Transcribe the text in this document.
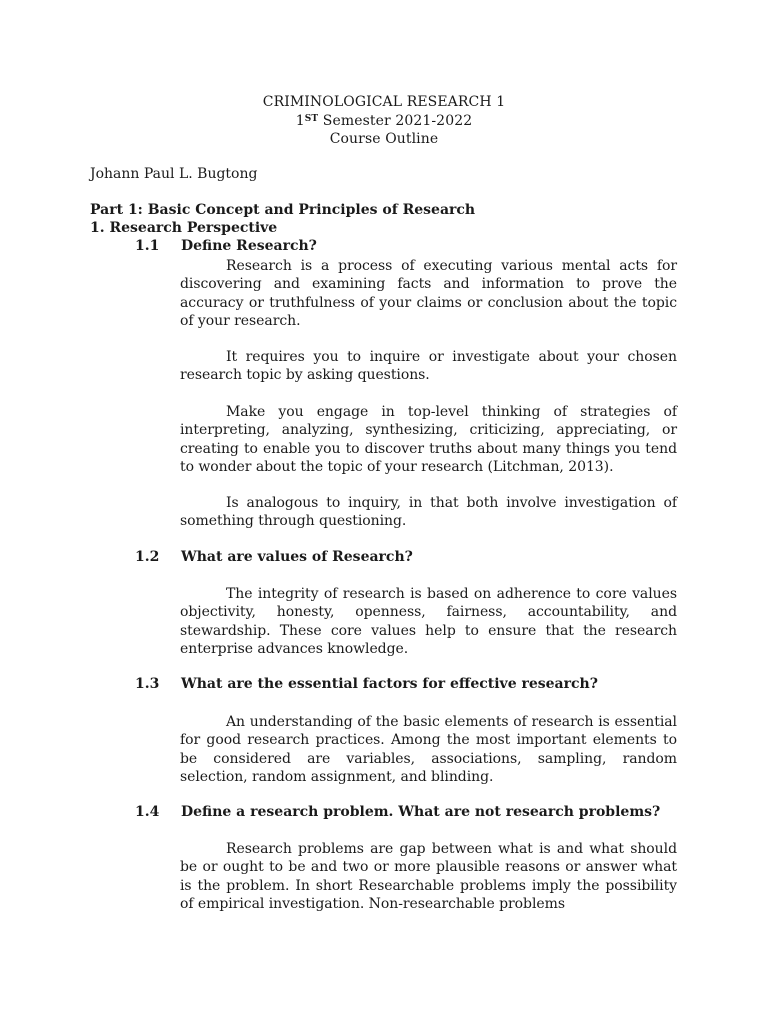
CRIMINOLOGICAL RESEARCH 1
1ST Semester 2021-2022
Course Outline
Johann Paul L. Bugtong
Part 1: Basic Concept and Principles of Research
1. Research Perspective
1.1 Define Research?

Research is a process of executing various mental acts for discovering and examining facts and information to prove the accuracy or truthfulness of your claims or conclusion about the topic of your research.

It requires you to inquire or investigate about your chosen research topic by asking questions.

Make you engage in top-level thinking of strategies of interpreting, analyzing, synthesizing, criticizing, appreciating, or creating to enable you to discover truths about many things you tend to wonder about the topic of your research (Litchman, 2013).

Is analogous to inquiry, in that both involve investigation of something through questioning.

1.2 What are values of Research?

The integrity of research is based on adherence to core values objectivity, honesty, openness, fairness, accountability, and stewardship. These core values help to ensure that the research enterprise advances knowledge.

1.3 What are the essential factors for effective research?

An understanding of the basic elements of research is essential for good research practices. Among the most important elements to be considered are variables, associations, sampling, random selection, random assignment, and blinding.

1.4 Define a research problem. What are not research problems?

Research problems are gap between what is and what should be or ought to be and two or more plausible reasons or answer what is the problem. In short Researchable problems imply the possibility of empirical investigation. Non-researchable problems
